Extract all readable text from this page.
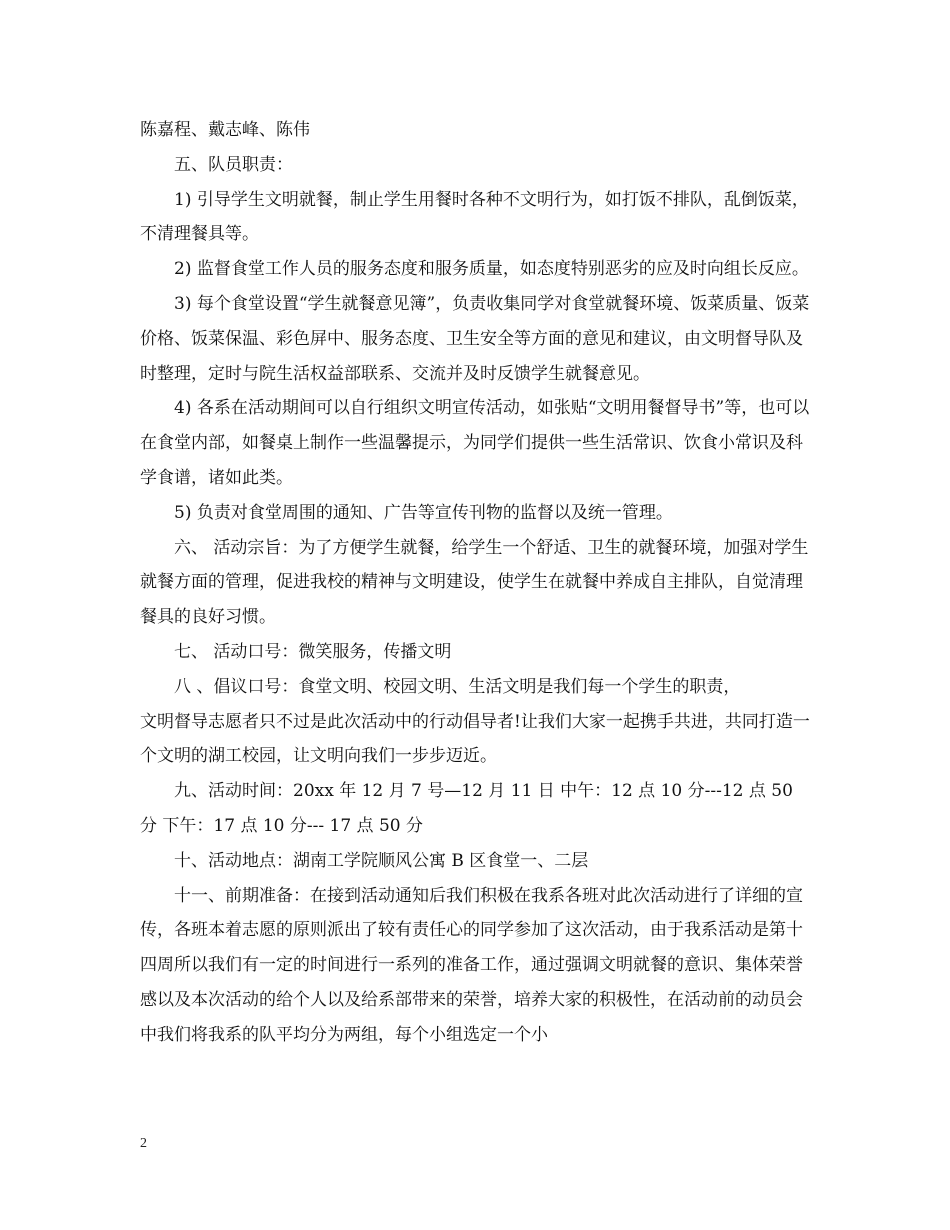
陈嘉程、戴志峰、陈伟

五、队员职责：

1) 引导学生文明就餐，制止学生用餐时各种不文明行为，如打饭不排队，乱倒饭菜，不清理餐具等。

2) 监督食堂工作人员的服务态度和服务质量，如态度特别恶劣的应及时向组长反应。

3) 每个食堂设置“学生就餐意见簿”，负责收集同学对食堂就餐环境、饭菜质量、饭菜价格、饭菜保温、彩色屏中、服务态度、卫生安全等方面的意见和建议，由文明督导队及时整理，定时与院生活权益部联系、交流并及时反馈学生就餐意见。

4) 各系在活动期间可以自行组织文明宣传活动，如张贴“文明用餐督导书”等，也可以在食堂内部，如餐桌上制作一些温馨提示，为同学们提供一些生活常识、饮食小常识及科学食谱，诸如此类。

5) 负责对食堂周围的通知、广告等宣传刊物的监督以及统一管理。

六、 活动宗旨：为了方便学生就餐，给学生一个舒适、卫生的就餐环境，加强对学生就餐方面的管理，促进我校的精神与文明建设，使学生在就餐中养成自主排队，自觉清理餐具的良好习惯。

七、 活动口号：微笑服务，传播文明

八 、倡议口号：食堂文明、校园文明、生活文明是我们每一个学生的职责，

文明督导志愿者只不过是此次活动中的行动倡导者!让我们大家一起携手共进，共同打造一个文明的湖工校园，让文明向我们一步步迈近。

九、活动时间：20xx 年 12 月 7 号—12 月 11 日 中午：12 点 10 分---12 点 50 分 下午：17 点 10 分--- 17 点 50 分

十、活动地点：湖南工学院顺风公寓 B 区食堂一、二层

十一、前期准备：在接到活动通知后我们积极在我系各班对此次活动进行了详细的宣传，各班本着志愿的原则派出了较有责任心的同学参加了这次活动，由于我系活动是第十四周所以我们有一定的时间进行一系列的准备工作，通过强调文明就餐的意识、集体荣誉感以及本次活动的给个人以及给系部带来的荣誉，培养大家的积极性，在活动前的动员会中我们将我系的队平均分为两组，每个小组选定一个小

2
